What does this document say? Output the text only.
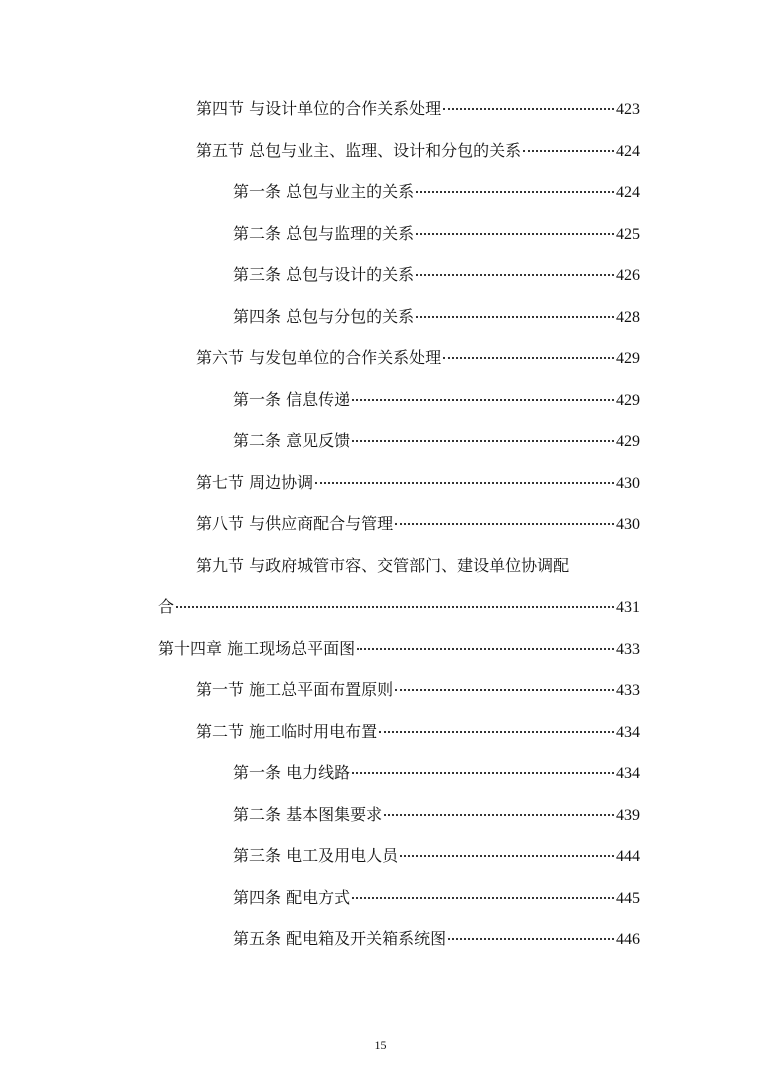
第四节 与设计单位的合作关系处理	423
第五节 总包与业主、监理、设计和分包的关系	424
第一条 总包与业主的关系	424
第二条 总包与监理的关系	425
第三条 总包与设计的关系	426
第四条 总包与分包的关系	428
第六节 与发包单位的合作关系处理	429
第一条 信息传递	429
第二条 意见反馈	429
第七节 周边协调	430
第八节 与供应商配合与管理	430
第九节 与政府城管市容、交管部门、建设单位协调配
合	431
第十四章 施工现场总平面图	433
第一节 施工总平面布置原则	433
第二节 施工临时用电布置	434
第一条 电力线路	434
第二条 基本图集要求	439
第三条 电工及用电人员	444
第四条 配电方式	445
第五条 配电箱及开关箱系统图	446
15
